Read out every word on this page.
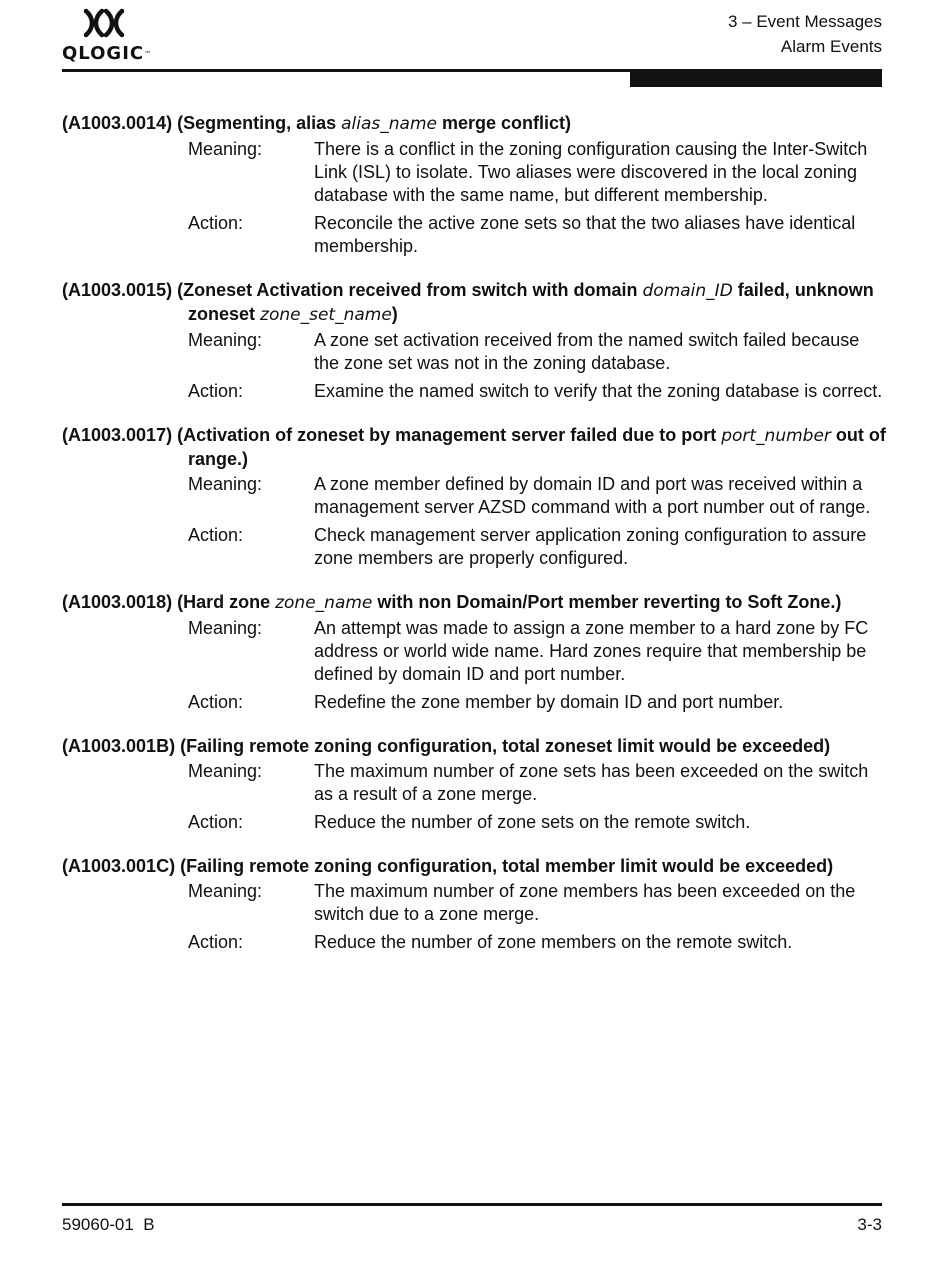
QLOGIC™
3 – Event Messages
Alarm Events
(A1003.0014) (Segmenting, alias alias_name merge conflict)
Meaning:	There is a conflict in the zoning configuration causing the Inter-Switch Link (ISL) to isolate. Two aliases were discovered in the local zoning database with the same name, but different membership.
Action:	Reconcile the active zone sets so that the two aliases have identical membership.
(A1003.0015) (Zoneset Activation received from switch with domain domain_ID failed, unknown zoneset zone_set_name)
Meaning:	A zone set activation received from the named switch failed because the zone set was not in the zoning database.
Action:	Examine the named switch to verify that the zoning database is correct.
(A1003.0017) (Activation of zoneset by management server failed due to port port_number out of range.)
Meaning:	A zone member defined by domain ID and port was received within a management server AZSD command with a port number out of range.
Action:	Check management server application zoning configuration to assure zone members are properly configured.
(A1003.0018) (Hard zone zone_name with non Domain/Port member reverting to Soft Zone.)
Meaning:	An attempt was made to assign a zone member to a hard zone by FC address or world wide name. Hard zones require that membership be defined by domain ID and port number.
Action:	Redefine the zone member by domain ID and port number.
(A1003.001B) (Failing remote zoning configuration, total zoneset limit would be exceeded)
Meaning:	The maximum number of zone sets has been exceeded on the switch as a result of a zone merge.
Action:	Reduce the number of zone sets on the remote switch.
(A1003.001C) (Failing remote zoning configuration, total member limit would be exceeded)
Meaning:	The maximum number of zone members has been exceeded on the switch due to a zone merge.
Action:	Reduce the number of zone members on the remote switch.
59060-01  B	3-3
